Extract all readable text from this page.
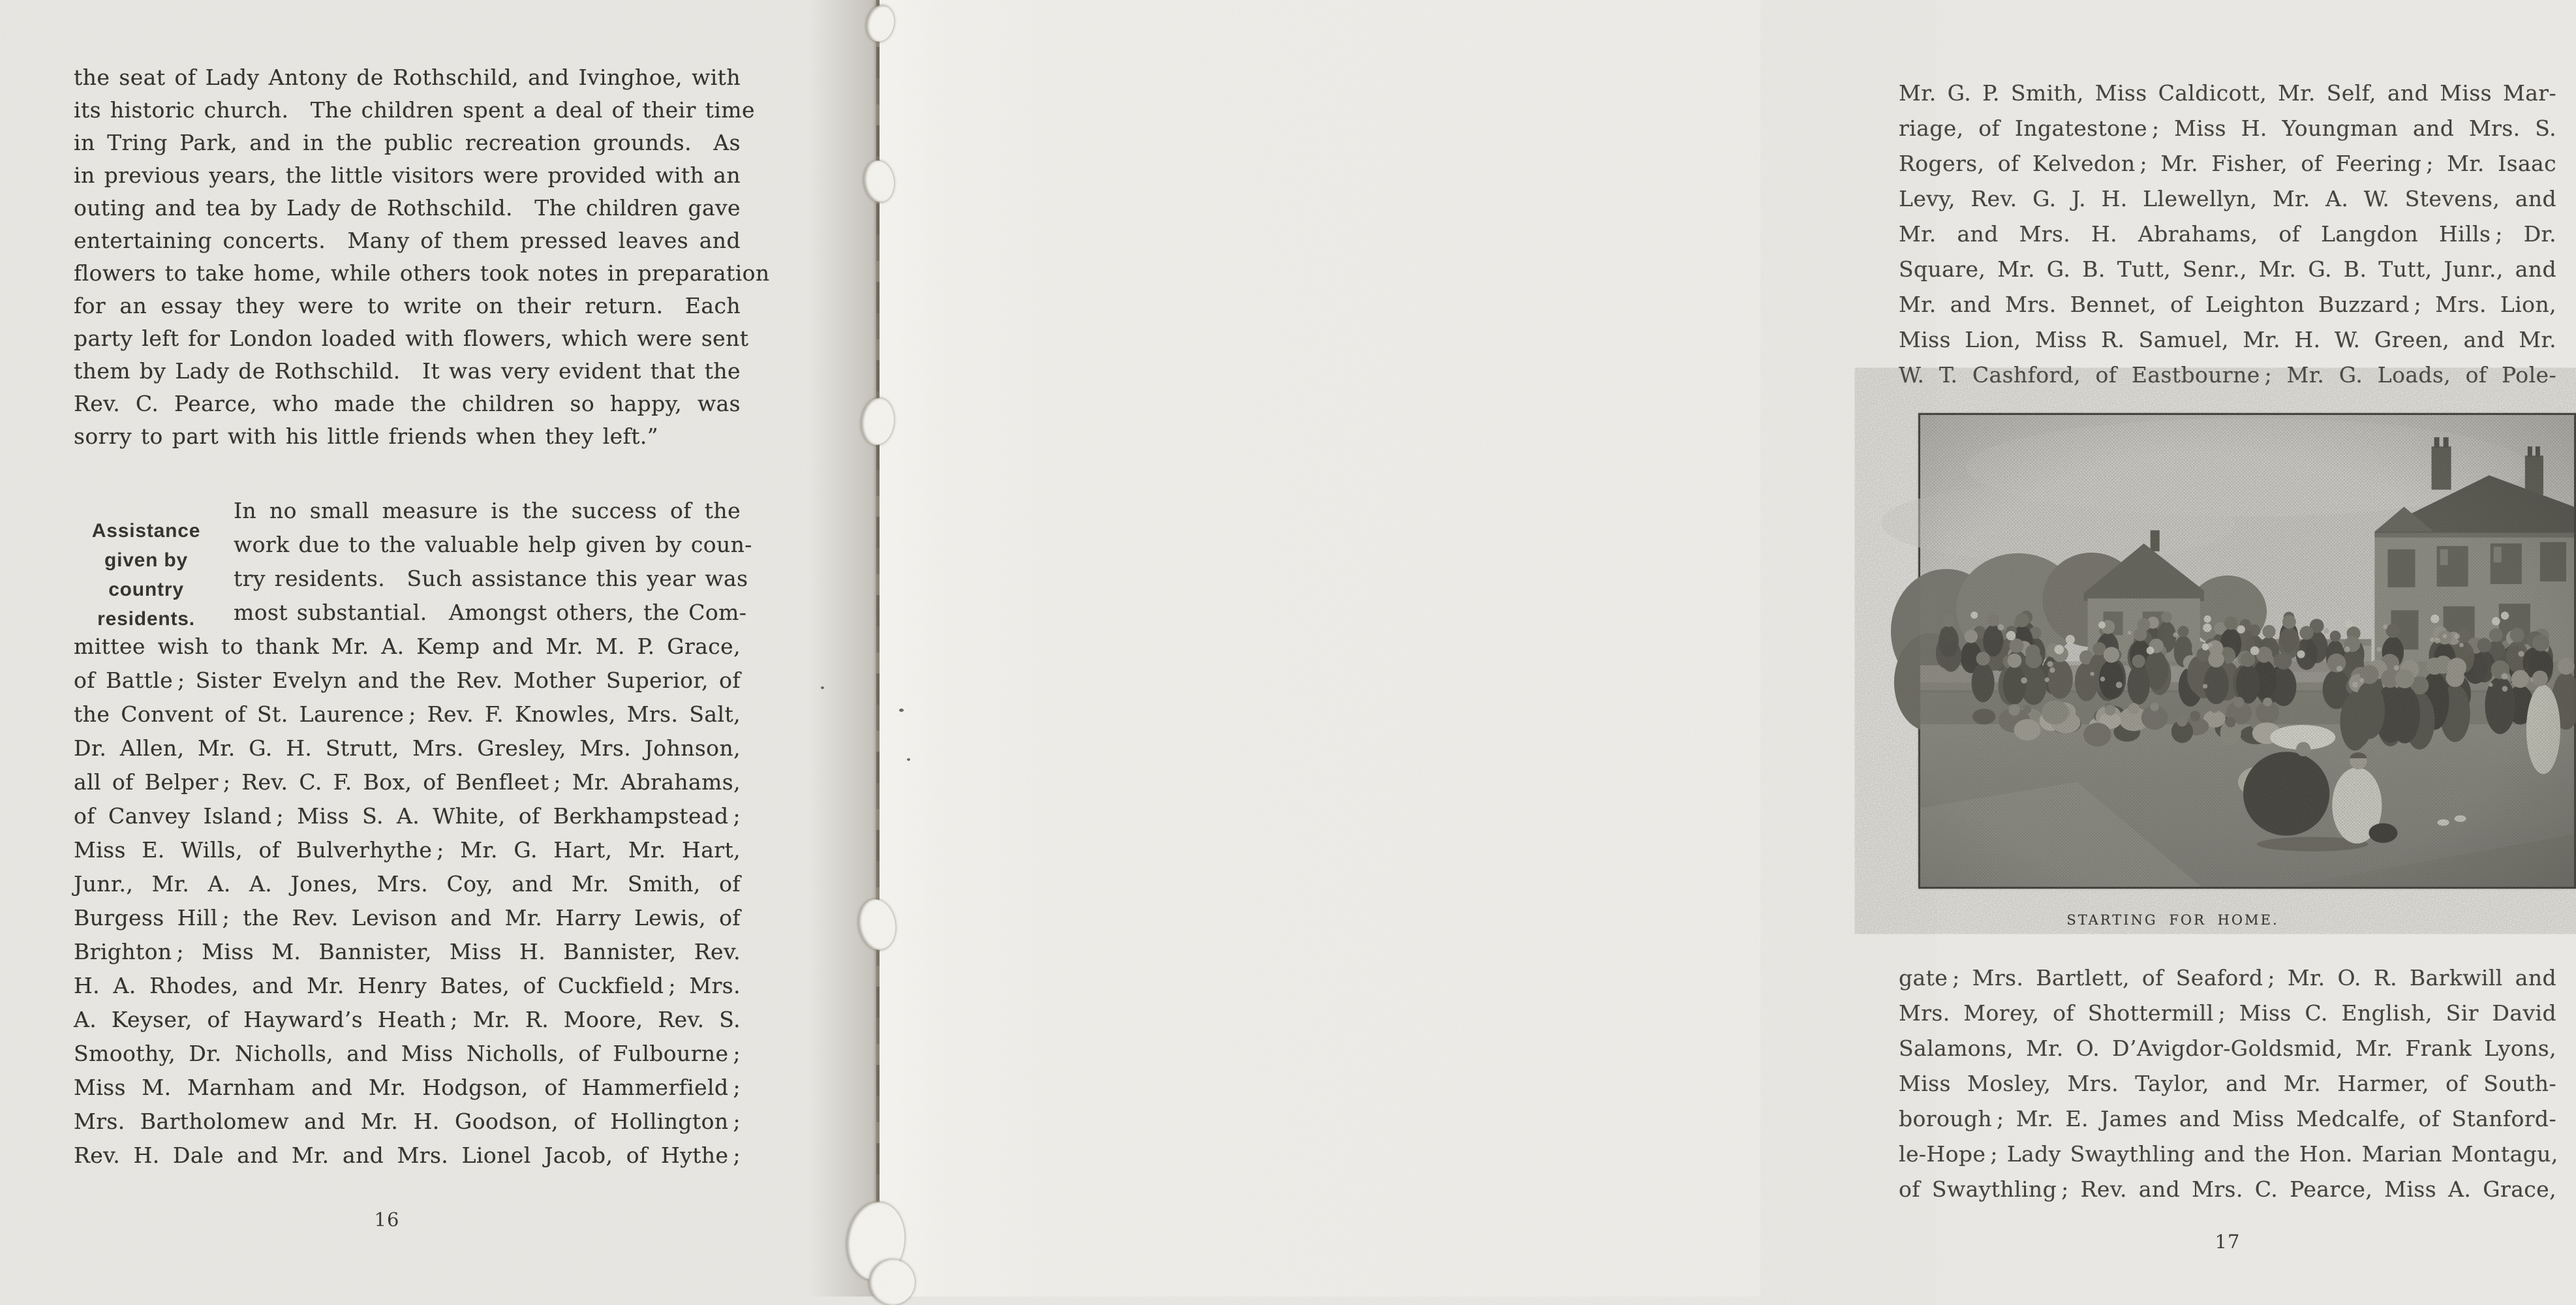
the seat of Lady Antony de Rothschild, and Ivinghoe, with
its historic church. The children spent a deal of their time
in Tring Park, and in the public recreation grounds. As
in previous years, the little visitors were provided with an
outing and tea by Lady de Rothschild. The children gave
entertaining concerts. Many of them pressed leaves and
flowers to take home, while others took notes in preparation
for an essay they were to write on their return. Each
party left for London loaded with flowers, which were sent
them by Lady de Rothschild. It was very evident that the
Rev. C. Pearce, who made the children so happy, was
sorry to part with his little friends when they left.”
Assistance
given by
country
residents.
In no small measure is the success of the
work due to the valuable help given by coun-
try residents. Such assistance this year was
most substantial. Amongst others, the Com-
mittee wish to thank Mr. A. Kemp and Mr. M. P. Grace,
of Battle ; Sister Evelyn and the Rev. Mother Superior, of
the Convent of St. Laurence ; Rev. F. Knowles, Mrs. Salt,
Dr. Allen, Mr. G. H. Strutt, Mrs. Gresley, Mrs. Johnson,
all of Belper ; Rev. C. F. Box, of Benfleet ; Mr. Abrahams,
of Canvey Island ; Miss S. A. White, of Berkhampstead ;
Miss E. Wills, of Bulverhythe ; Mr. G. Hart, Mr. Hart,
Junr., Mr. A. A. Jones, Mrs. Coy, and Mr. Smith, of
Burgess Hill ; the Rev. Levison and Mr. Harry Lewis, of
Brighton ; Miss M. Bannister, Miss H. Bannister, Rev.
H. A. Rhodes, and Mr. Henry Bates, of Cuckfield ; Mrs.
A. Keyser, of Hayward’s Heath ; Mr. R. Moore, Rev. S.
Smoothy, Dr. Nicholls, and Miss Nicholls, of Fulbourne ;
Miss M. Marnham and Mr. Hodgson, of Hammerfield ;
Mrs. Bartholomew and Mr. H. Goodson, of Hollington ;
Rev. H. Dale and Mr. and Mrs. Lionel Jacob, of Hythe ;
16
Mr. G. P. Smith, Miss Caldicott, Mr. Self, and Miss Mar-
riage, of Ingatestone ; Miss H. Youngman and Mrs. S.
Rogers, of Kelvedon ; Mr. Fisher, of Feering ; Mr. Isaac
Levy, Rev. G. J. H. Llewellyn, Mr. A. W. Stevens, and
Mr. and Mrs. H. Abrahams, of Langdon Hills ; Dr.
Square, Mr. G. B. Tutt, Senr., Mr. G. B. Tutt, Junr., and
Mr. and Mrs. Bennet, of Leighton Buzzard ; Mrs. Lion,
Miss Lion, Miss R. Samuel, Mr. H. W. Green, and Mr.
W. T. Cashford, of Eastbourne ; Mr. G. Loads, of Pole-
STARTING FOR HOME.
gate ; Mrs. Bartlett, of Seaford ; Mr. O. R. Barkwill and
Mrs. Morey, of Shottermill ; Miss C. English, Sir David
Salamons, Mr. O. D’Avigdor-Goldsmid, Mr. Frank Lyons,
Miss Mosley, Mrs. Taylor, and Mr. Harmer, of South-
borough ; Mr. E. James and Miss Medcalfe, of Stanford-
le-Hope ; Lady Swaythling and the Hon. Marian Montagu,
of Swaythling ; Rev. and Mrs. C. Pearce, Miss A. Grace,
17
